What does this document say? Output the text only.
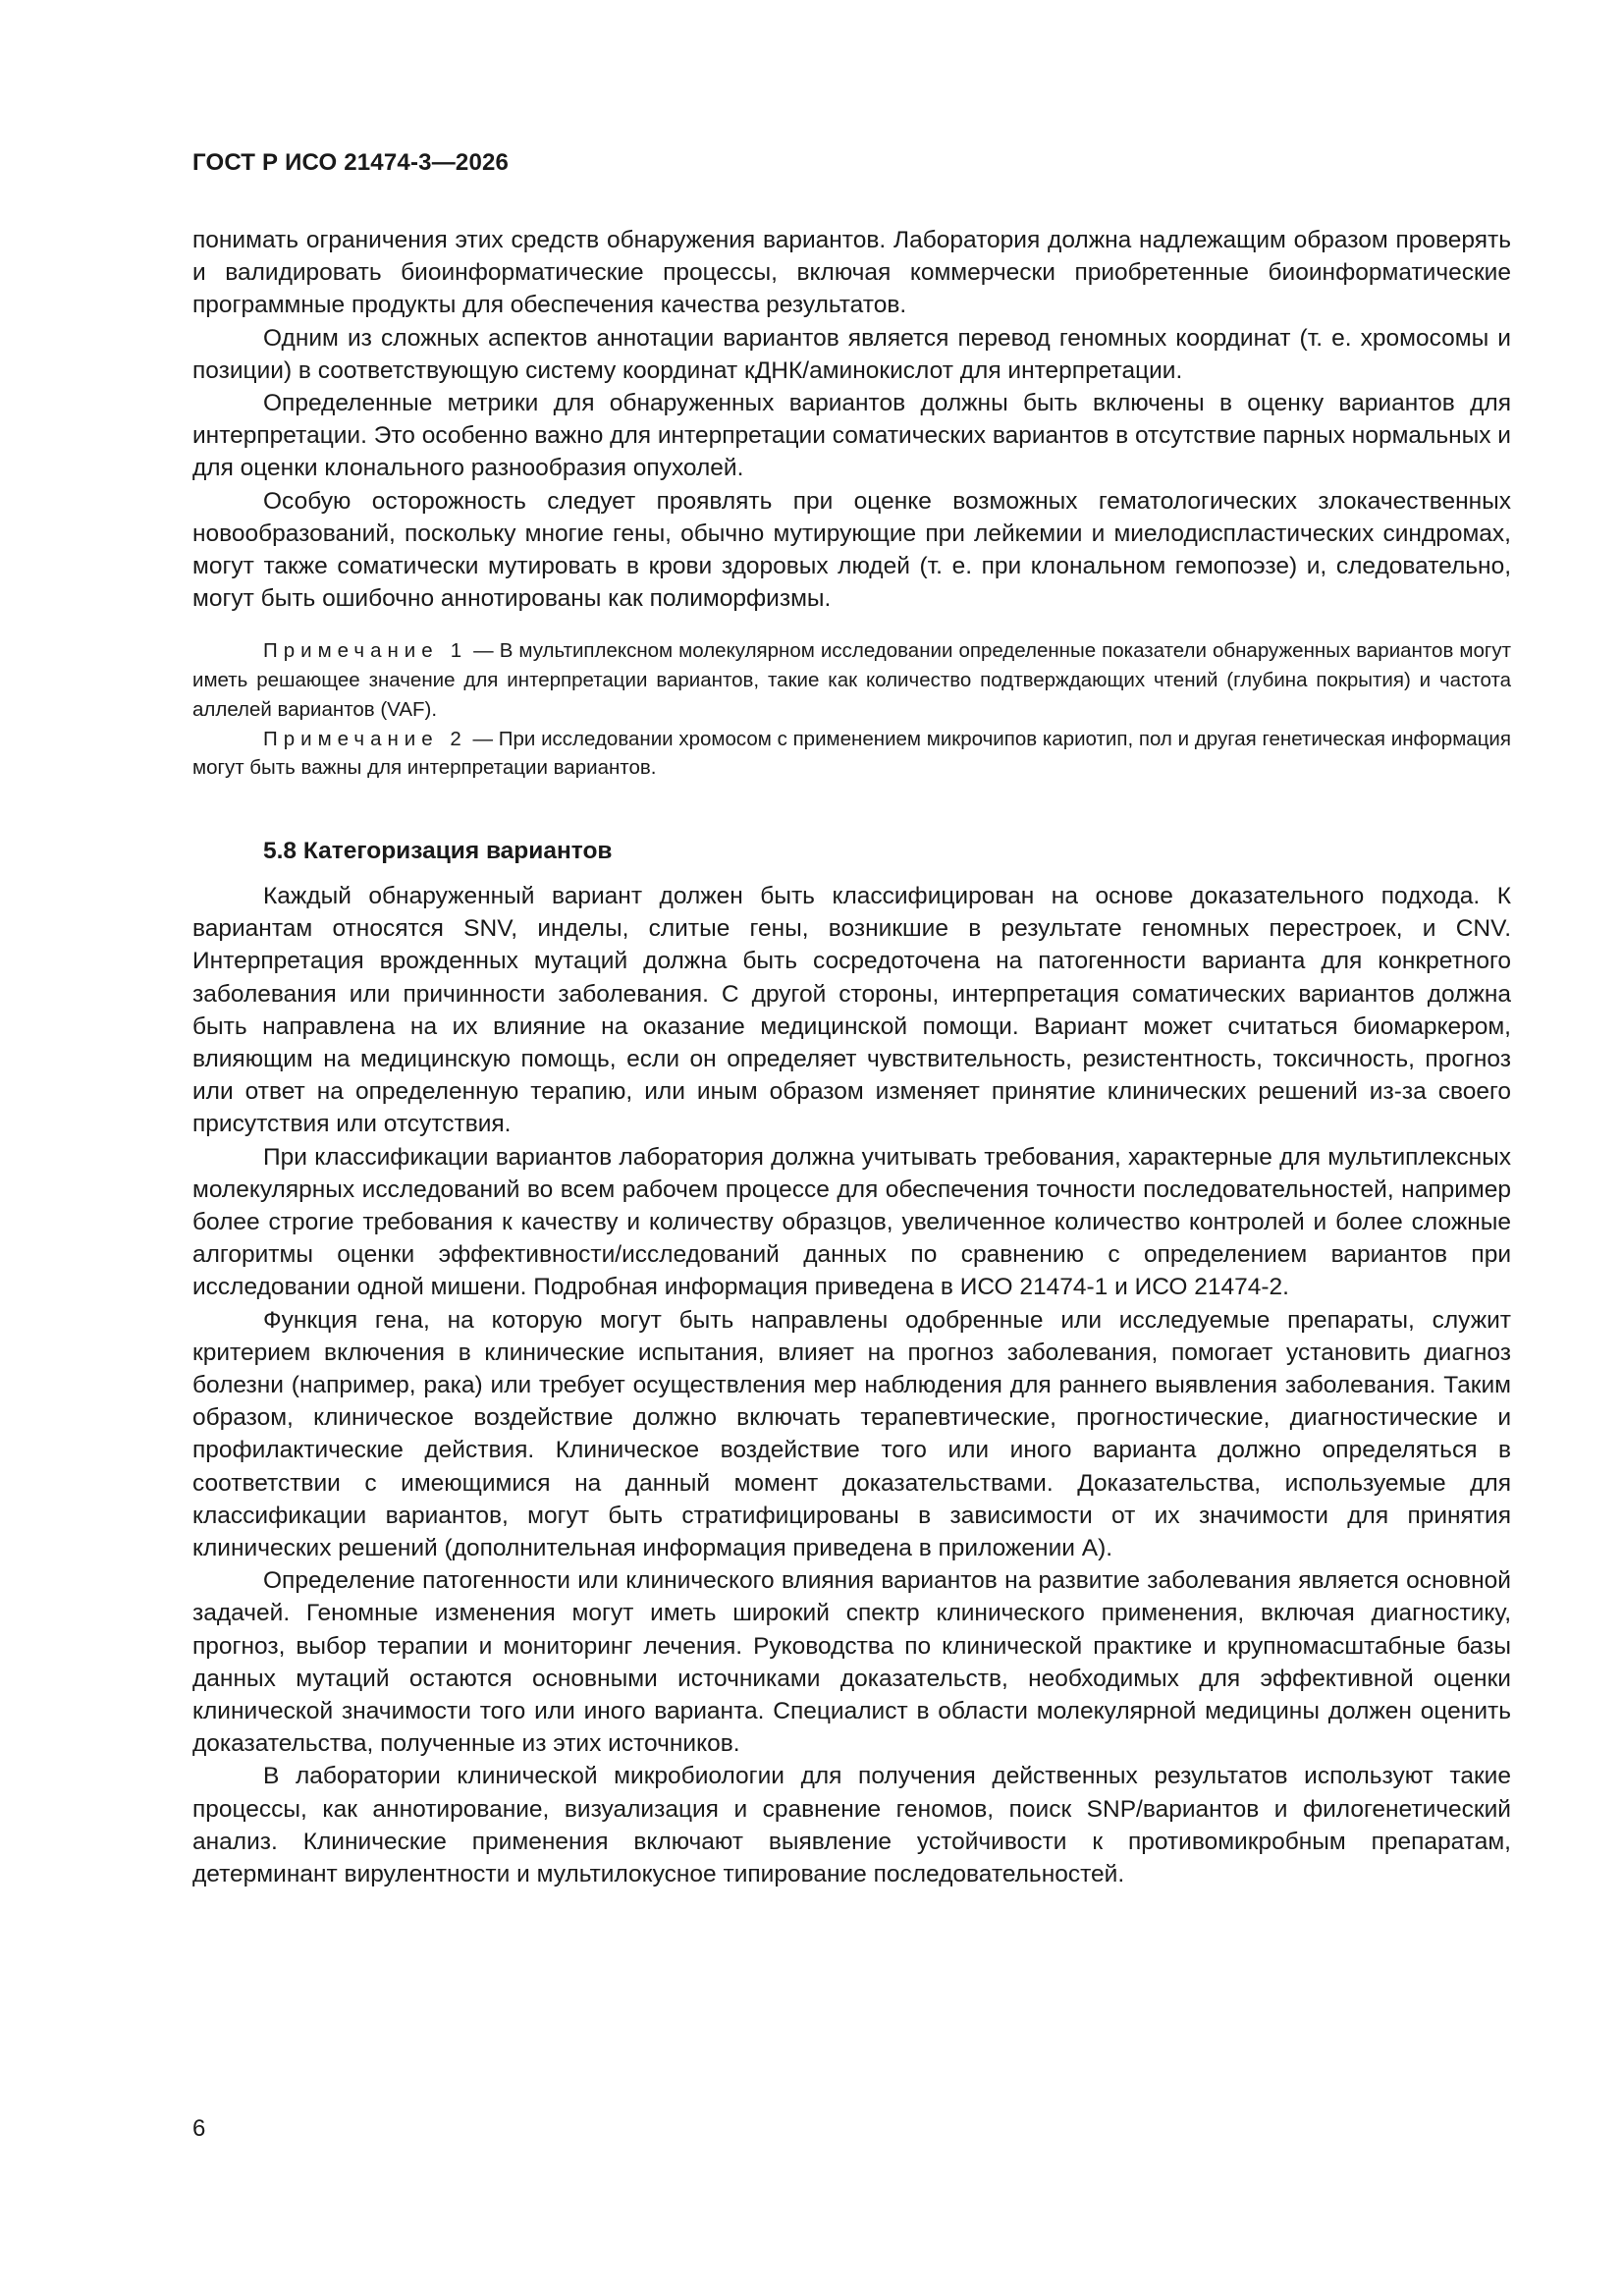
ГОСТ Р ИСО 21474-3—2026

понимать ограничения этих средств обнаружения вариантов. Лаборатория должна надлежащим образом проверять и валидировать биоинформатические процессы, включая коммерчески приобретенные биоинформатические программные продукты для обеспечения качества результатов.

Одним из сложных аспектов аннотации вариантов является перевод геномных координат (т. е. хромосомы и позиции) в соответствующую систему координат кДНК/аминокислот для интерпретации.

Определенные метрики для обнаруженных вариантов должны быть включены в оценку вариантов для интерпретации. Это особенно важно для интерпретации соматических вариантов в отсутствие парных нормальных и для оценки клонального разнообразия опухолей.

Особую осторожность следует проявлять при оценке возможных гематологических злокачественных новообразований, поскольку многие гены, обычно мутирующие при лейкемии и миелодиспластических синдромах, могут также соматически мутировать в крови здоровых людей (т. е. при клональном гемопоэзе) и, следовательно, могут быть ошибочно аннотированы как полиморфизмы.

Примечание 1 — В мультиплексном молекулярном исследовании определенные показатели обнаруженных вариантов могут иметь решающее значение для интерпретации вариантов, такие как количество подтверждающих чтений (глубина покрытия) и частота аллелей вариантов (VAF).

Примечание 2 — При исследовании хромосом с применением микрочипов кариотип, пол и другая генетическая информация могут быть важны для интерпретации вариантов.

5.8 Категоризация вариантов

Каждый обнаруженный вариант должен быть классифицирован на основе доказательного подхода. К вариантам относятся SNV, инделы, слитые гены, возникшие в результате геномных перестроек, и CNV. Интерпретация врожденных мутаций должна быть сосредоточена на патогенности варианта для конкретного заболевания или причинности заболевания. С другой стороны, интерпретация соматических вариантов должна быть направлена на их влияние на оказание медицинской помощи. Вариант может считаться биомаркером, влияющим на медицинскую помощь, если он определяет чувствительность, резистентность, токсичность, прогноз или ответ на определенную терапию, или иным образом изменяет принятие клинических решений из-за своего присутствия или отсутствия.

При классификации вариантов лаборатория должна учитывать требования, характерные для мультиплексных молекулярных исследований во всем рабочем процессе для обеспечения точности последовательностей, например более строгие требования к качеству и количеству образцов, увеличенное количество контролей и более сложные алгоритмы оценки эффективности/исследований данных по сравнению с определением вариантов при исследовании одной мишени. Подробная информация приведена в ИСО 21474-1 и ИСО 21474-2.

Функция гена, на которую могут быть направлены одобренные или исследуемые препараты, служит критерием включения в клинические испытания, влияет на прогноз заболевания, помогает установить диагноз болезни (например, рака) или требует осуществления мер наблюдения для раннего выявления заболевания. Таким образом, клиническое воздействие должно включать терапевтические, прогностические, диагностические и профилактические действия. Клиническое воздействие того или иного варианта должно определяться в соответствии с имеющимися на данный момент доказательствами. Доказательства, используемые для классификации вариантов, могут быть стратифицированы в зависимости от их значимости для принятия клинических решений (дополнительная информация приведена в приложении А).

Определение патогенности или клинического влияния вариантов на развитие заболевания является основной задачей. Геномные изменения могут иметь широкий спектр клинического применения, включая диагностику, прогноз, выбор терапии и мониторинг лечения. Руководства по клинической практике и крупномасштабные базы данных мутаций остаются основными источниками доказательств, необходимых для эффективной оценки клинической значимости того или иного варианта. Специалист в области молекулярной медицины должен оценить доказательства, полученные из этих источников.

В лаборатории клинической микробиологии для получения действенных результатов используют такие процессы, как аннотирование, визуализация и сравнение геномов, поиск SNP/вариантов и филогенетический анализ. Клинические применения включают выявление устойчивости к противомикробным препаратам, детерминант вирулентности и мультилокусное типирование последовательностей.

6
